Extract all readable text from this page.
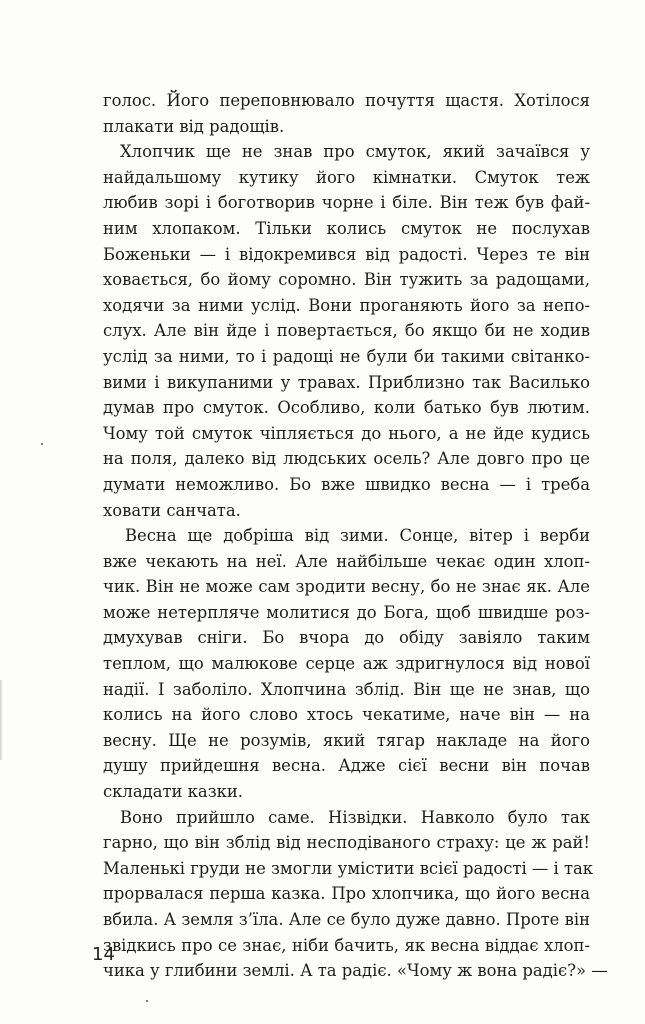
голос. Його переповнювало почуття щастя. Хотілося
плакати від радощів.
Хлопчик ще не знав про смуток, який зачаївся у
найдальшому кутику його кімнатки. Смуток теж
любив зорі і боготворив чорне і біле. Він теж був фай-
ним хлопаком. Тільки колись смуток не послухав
Боженьки — і відокремився від радості. Через те він
ховається, бо йому соромно. Він тужить за радощами,
ходячи за ними услід. Вони проганяють його за непо-
слух. Але він йде і повертається, бо якщо би не ходив
услід за ними, то і радощі не були би такими світанко-
вими і викупаними у травах. Приблизно так Василько
думав про смуток. Особливо, коли батько був лютим.
Чому той смуток чіпляється до нього, а не йде кудись
на поля, далеко від людських осель? Але довго про це
думати неможливо. Бо вже швидко весна — і треба
ховати санчата.
Весна ще добріша від зими. Сонце, вітер і верби
вже чекають на неї. Але найбільше чекає один хлоп-
чик. Він не може сам зродити весну, бо не знає як. Але
може нетерпляче молитися до Бога, щоб швидше роз-
дмухував сніги. Бо вчора до обіду завіяло таким
теплом, що малюкове серце аж здригнулося від нової
надії. І заболіло. Хлопчина зблід. Він ще не знав, що
колись на його слово хтось чекатиме, наче він — на
весну. Ще не розумів, який тягар накладе на його
душу прийдешня весна. Адже сієї весни він почав
складати казки.
Воно прийшло саме. Нізвідки. Навколо було так
гарно, що він зблід від несподіваного страху: це ж рай!
Маленькі груди не змогли умістити всієї радості — і так
прорвалася перша казка. Про хлопчика, що його весна
вбила. А земля з’їла. Але се було дуже давно. Проте він
звідкись про се знає, ніби бачить, як весна віддає хлоп-
чика у глибини землі. А та радіє. «Чому ж вона радіє?» —
14
